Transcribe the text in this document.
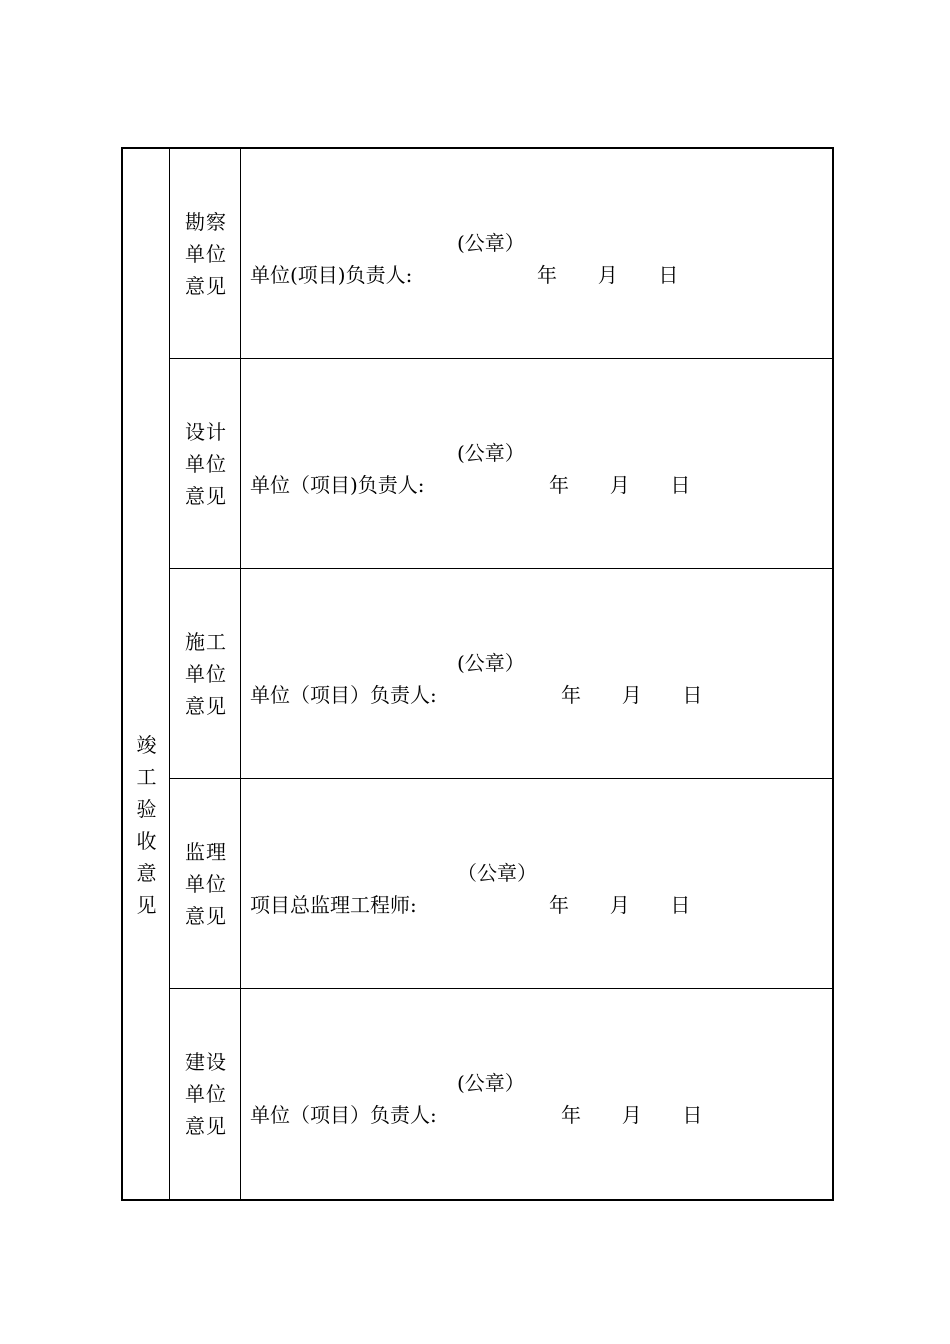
竣
工
验
收
意
见
勘察
单位
意见
(公章）
单位(项目)负责人:	年  月  日
设计
单位
意见
(公章）
单位（项目)负责人:	年  月  日
施工
单位
意见
(公章）
单位（项目）负责人:	年  月  日
监理
单位
意见
（公章）
项目总监理工程师:	年  月  日
建设
单位
意见
(公章）
单位（项目）负责人:	年  月  日
